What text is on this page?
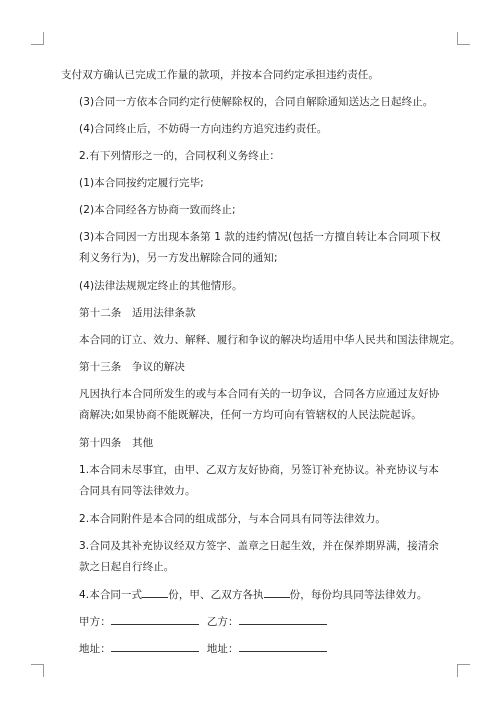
支付双方确认已完成工作量的款项，并按本合同约定承担违约责任。

(3)合同一方依本合同约定行使解除权的，合同自解除通知送达之日起终止。

(4)合同终止后，不妨碍一方向违约方追究违约责任。

2.有下列情形之一的，合同权利义务终止：

(1)本合同按约定履行完毕;

(2)本合同经各方协商一致而终止;

(3)本合同因一方出现本条第 1 款的违约情况(包括一方擅自转让本合同项下权利义务行为)，另一方发出解除合同的通知;

(4)法律法规规定终止的其他情形。

第十二条　适用法律条款

本合同的订立、效力、解释、履行和争议的解决均适用中华人民共和国法律规定。

第十三条　争议的解决

凡因执行本合同所发生的或与本合同有关的一切争议，合同各方应通过友好协商解决;如果协商不能既解决，任何一方均可向有管辖权的人民法院起诉。

第十四条　其他

1.本合同未尽事宜，由甲、乙双方友好协商，另签订补充协议。补充协议与本合同具有同等法律效力。

2.本合同附件是本合同的组成部分，与本合同具有同等法律效力。

3.合同及其补充协议经双方签字、盖章之日起生效，并在保养期界满，接清余款之日起自行终止。

4.本合同一式 份，甲、乙双方各执 份，每份均具同等法律效力。

甲方：	乙方：

地址：	地址：
